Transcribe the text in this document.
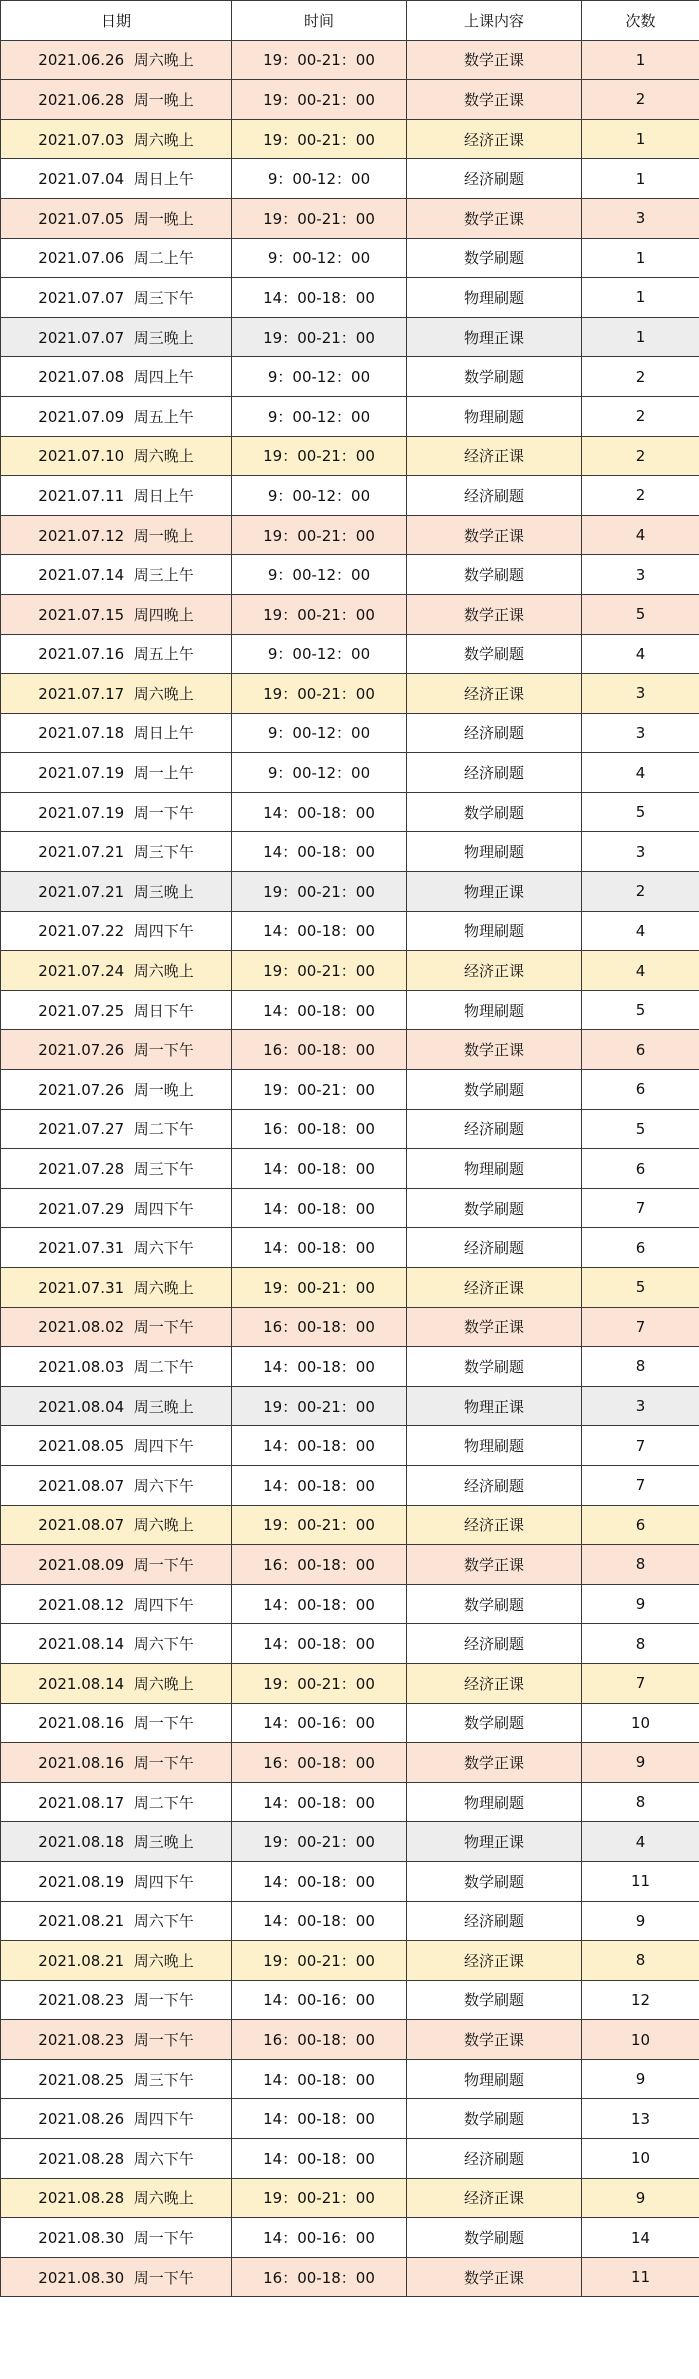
日期	时间	上课内容	次数
2021.06.26  周六晚上	19：00-21：00	数学正课	1
2021.06.28  周一晚上	19：00-21：00	数学正课	2
2021.07.03  周六晚上	19：00-21：00	经济正课	1
2021.07.04  周日上午	9：00-12：00	经济刷题	1
2021.07.05  周一晚上	19：00-21：00	数学正课	3
2021.07.06  周二上午	9：00-12：00	数学刷题	1
2021.07.07  周三下午	14：00-18：00	物理刷题	1
2021.07.07  周三晚上	19：00-21：00	物理正课	1
2021.07.08  周四上午	9：00-12：00	数学刷题	2
2021.07.09  周五上午	9：00-12：00	物理刷题	2
2021.07.10  周六晚上	19：00-21：00	经济正课	2
2021.07.11  周日上午	9：00-12：00	经济刷题	2
2021.07.12  周一晚上	19：00-21：00	数学正课	4
2021.07.14  周三上午	9：00-12：00	数学刷题	3
2021.07.15  周四晚上	19：00-21：00	数学正课	5
2021.07.16  周五上午	9：00-12：00	数学刷题	4
2021.07.17  周六晚上	19：00-21：00	经济正课	3
2021.07.18  周日上午	9：00-12：00	经济刷题	3
2021.07.19  周一上午	9：00-12：00	经济刷题	4
2021.07.19  周一下午	14：00-18：00	数学刷题	5
2021.07.21  周三下午	14：00-18：00	物理刷题	3
2021.07.21  周三晚上	19：00-21：00	物理正课	2
2021.07.22  周四下午	14：00-18：00	物理刷题	4
2021.07.24  周六晚上	19：00-21：00	经济正课	4
2021.07.25  周日下午	14：00-18：00	物理刷题	5
2021.07.26  周一下午	16：00-18：00	数学正课	6
2021.07.26  周一晚上	19：00-21：00	数学刷题	6
2021.07.27  周二下午	16：00-18：00	经济刷题	5
2021.07.28  周三下午	14：00-18：00	物理刷题	6
2021.07.29  周四下午	14：00-18：00	数学刷题	7
2021.07.31  周六下午	14：00-18：00	经济刷题	6
2021.07.31  周六晚上	19：00-21：00	经济正课	5
2021.08.02  周一下午	16：00-18：00	数学正课	7
2021.08.03  周二下午	14：00-18：00	数学刷题	8
2021.08.04  周三晚上	19：00-21：00	物理正课	3
2021.08.05  周四下午	14：00-18：00	物理刷题	7
2021.08.07  周六下午	14：00-18：00	经济刷题	7
2021.08.07  周六晚上	19：00-21：00	经济正课	6
2021.08.09  周一下午	16：00-18：00	数学正课	8
2021.08.12  周四下午	14：00-18：00	数学刷题	9
2021.08.14  周六下午	14：00-18：00	经济刷题	8
2021.08.14  周六晚上	19：00-21：00	经济正课	7
2021.08.16  周一下午	14：00-16：00	数学刷题	10
2021.08.16  周一下午	16：00-18：00	数学正课	9
2021.08.17  周二下午	14：00-18：00	物理刷题	8
2021.08.18  周三晚上	19：00-21：00	物理正课	4
2021.08.19  周四下午	14：00-18：00	数学刷题	11
2021.08.21  周六下午	14：00-18：00	经济刷题	9
2021.08.21  周六晚上	19：00-21：00	经济正课	8
2021.08.23  周一下午	14：00-16：00	数学刷题	12
2021.08.23  周一下午	16：00-18：00	数学正课	10
2021.08.25  周三下午	14：00-18：00	物理刷题	9
2021.08.26  周四下午	14：00-18：00	数学刷题	13
2021.08.28  周六下午	14：00-18：00	经济刷题	10
2021.08.28  周六晚上	19：00-21：00	经济正课	9
2021.08.30  周一下午	14：00-16：00	数学刷题	14
2021.08.30  周一下午	16：00-18：00	数学正课	11
